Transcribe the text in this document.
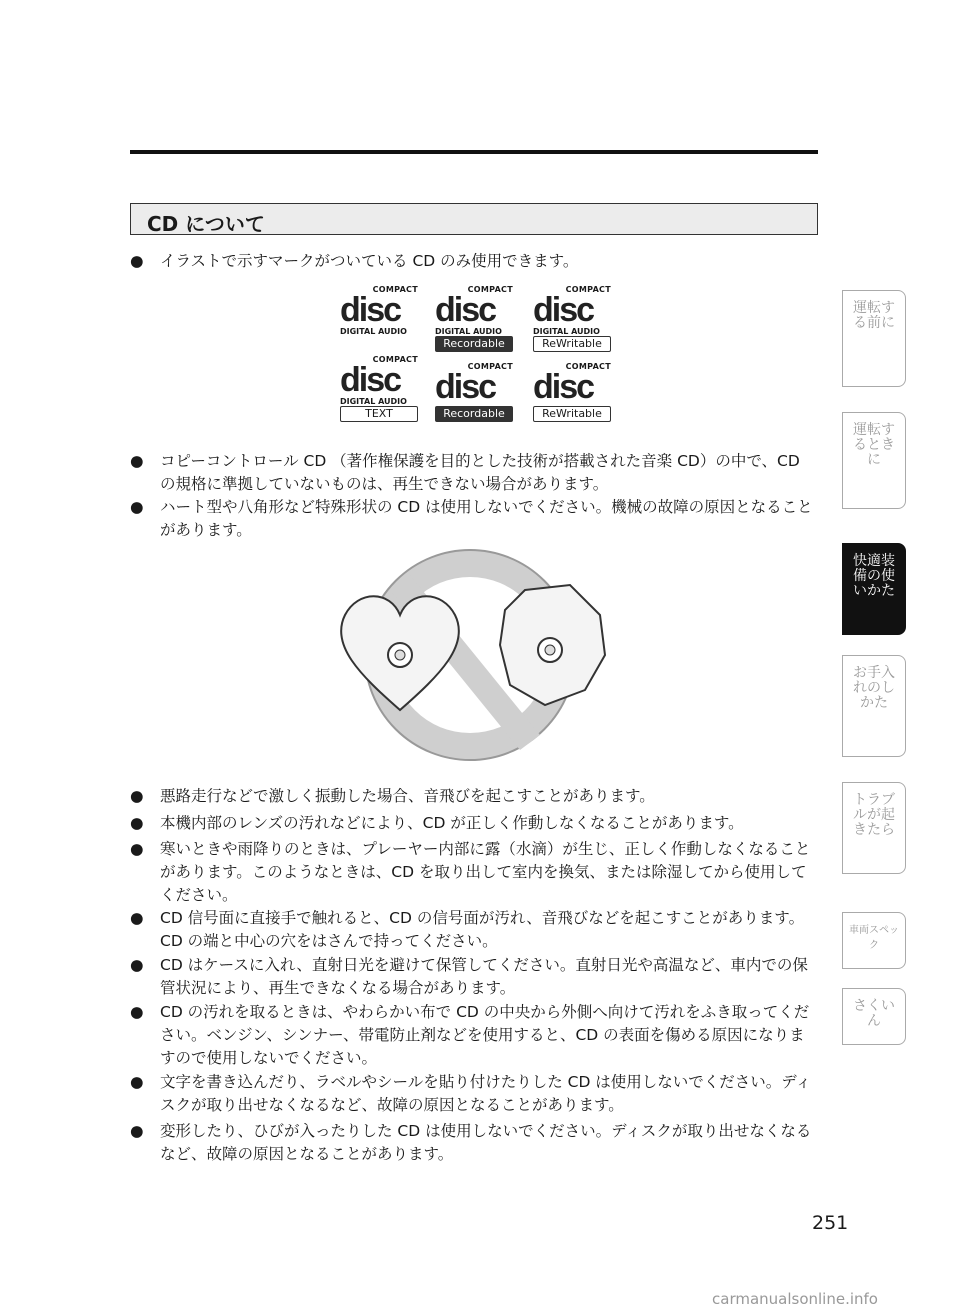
CD について
●	イラストで示すマークがついている CD のみ使用できます。
COMPACT
disc
DIGITAL AUDIO
COMPACT
disc
DIGITAL AUDIO
Recordable
COMPACT
disc
DIGITAL AUDIO
ReWritable
COMPACT
disc
DIGITAL AUDIO
TEXT
COMPACT
disc
Recordable
COMPACT
disc
ReWritable
●	コピーコントロール CD （著作権保護を目的とした技術が搭載された音楽 CD）の中で、CD の規格に準拠していないものは、再生できない場合があります。
●	ハート型や八角形など特殊形状の CD は使用しないでください。機械の故障の原因となることがあります。
●	悪路走行などで激しく振動した場合、音飛びを起こすことがあります。
●	本機内部のレンズの汚れなどにより、CD が正しく作動しなくなることがあります。
●	寒いときや雨降りのときは、プレーヤー内部に露（水滴）が生じ、正しく作動しなくなることがあります。このようなときは、CD を取り出して室内を換気、または除湿してから使用してください。
●	CD 信号面に直接手で触れると、CD の信号面が汚れ、音飛びなどを起こすことがあります。CD の端と中心の穴をはさんで持ってください。
●	CD はケースに入れ、直射日光を避けて保管してください。直射日光や高温など、車内での保管状況により、再生できなくなる場合があります。
●	CD の汚れを取るときは、やわらかい布で CD の中央から外側へ向けて汚れをふき取ってください。ベンジン、シンナー、帯電防止剤などを使用すると、CD の表面を傷める原因になりますので使用しないでください。
●	文字を書き込んだり、ラベルやシールを貼り付けたりした CD は使用しないでください。ディスクが取り出せなくなるなど、故障の原因となることがあります。
●	変形したり、ひびが入ったりした CD は使用しないでください。ディスクが取り出せなくなるなど、故障の原因となることがあります。
運転する前に
運転するときに
快適装備の使いかた
お手入れのしかた
トラブルが起きたら
車両スペック
さくいん
251
carmanualsonline.info
